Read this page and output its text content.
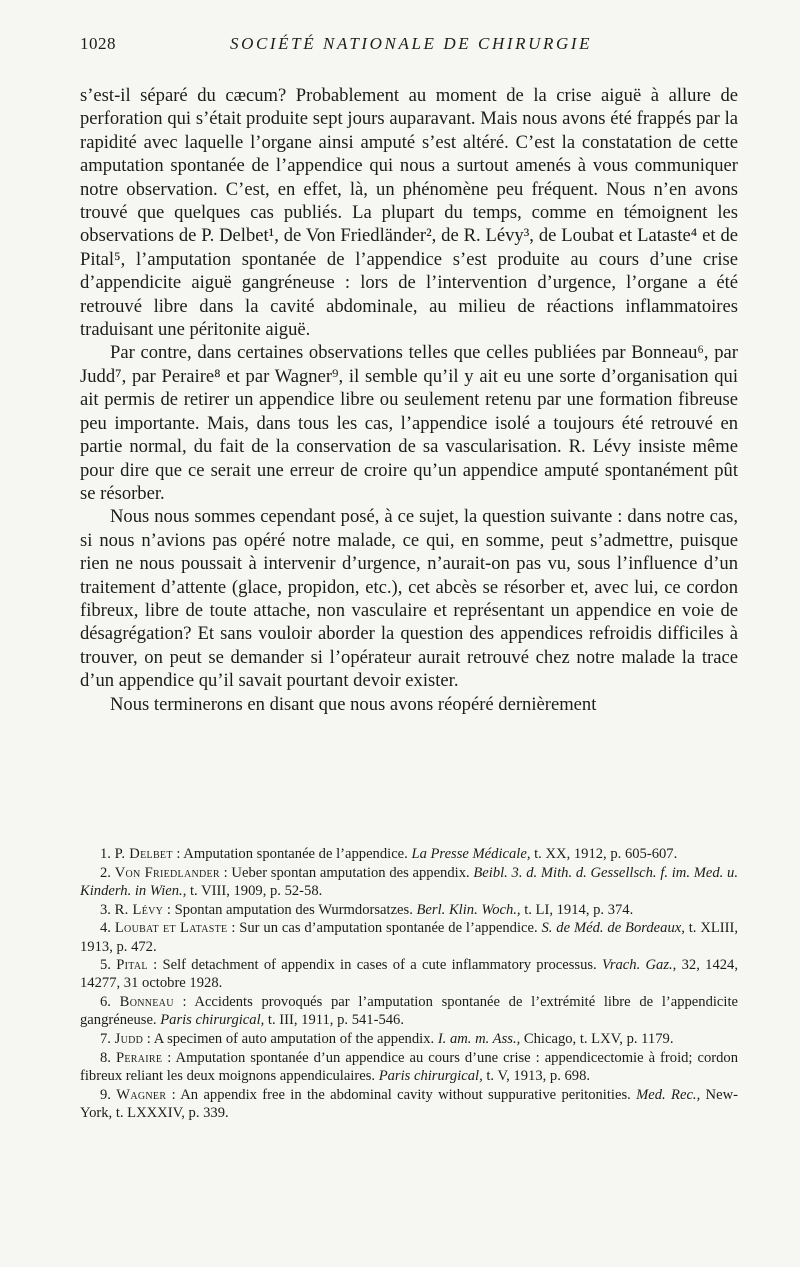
1028	SOCIÉTÉ NATIONALE DE CHIRURGIE

s’est-il séparé du cæcum? Probablement au moment de la crise aiguë à allure de perforation qui s’était produite sept jours auparavant. Mais nous avons été frappés par la rapidité avec laquelle l’organe ainsi amputé s’est altéré. C’est la constatation de cette amputation spontanée de l’appendice qui nous a surtout amenés à vous communiquer notre observation. C’est, en effet, là, un phénomène peu fréquent. Nous n’en avons trouvé que quelques cas publiés. La plupart du temps, comme en témoignent les observations de P. Delbet¹, de Von Friedländer², de R. Lévy³, de Loubat et Lataste⁴ et de Pital⁵, l’amputation spontanée de l’appendice s’est produite au cours d’une crise d’appendicite aiguë gangréneuse : lors de l’intervention d’urgence, l’organe a été retrouvé libre dans la cavité abdominale, au milieu de réactions inflammatoires traduisant une péritonite aiguë.

Par contre, dans certaines observations telles que celles publiées par Bonneau⁶, par Judd⁷, par Peraire⁸ et par Wagner⁹, il semble qu’il y ait eu une sorte d’organisation qui ait permis de retirer un appendice libre ou seulement retenu par une formation fibreuse peu importante. Mais, dans tous les cas, l’appendice isolé a toujours été retrouvé en partie normal, du fait de la conservation de sa vascularisation. R. Lévy insiste même pour dire que ce serait une erreur de croire qu’un appendice amputé spontanément pût se résorber.

Nous nous sommes cependant posé, à ce sujet, la question suivante : dans notre cas, si nous n’avions pas opéré notre malade, ce qui, en somme, peut s’admettre, puisque rien ne nous poussait à intervenir d’urgence, n’aurait-on pas vu, sous l’influence d’un traitement d’attente (glace, propidon, etc.), cet abcès se résorber et, avec lui, ce cordon fibreux, libre de toute attache, non vasculaire et représentant un appendice en voie de désagrégation? Et sans vouloir aborder la question des appendices refroidis difficiles à trouver, on peut se demander si l’opérateur aurait retrouvé chez notre malade la trace d’un appendice qu’il savait pourtant devoir exister.

Nous terminerons en disant que nous avons réopéré dernièrement

1. P. Delbet : Amputation spontanée de l’appendice. La Presse Médicale, t. XX, 1912, p. 605-607.

2. Von Friedlander : Ueber spontan amputation des appendix. Beibl. 3. d. Mith. d. Gessellsch. f. im. Med. u. Kinderh. in Wien., t. VIII, 1909, p. 52-58.

3. R. Lévy : Spontan amputation des Wurmdorsatzes. Berl. Klin. Woch., t. LI, 1914, p. 374.

4. Loubat et Lataste : Sur un cas d’amputation spontanée de l’appendice. S. de Méd. de Bordeaux, t. XLIII, 1913, p. 472.

5. Pital : Self detachment of appendix in cases of a cute inflammatory processus. Vrach. Gaz., 32, 1424, 14277, 31 octobre 1928.

6. Bonneau : Accidents provoqués par l’amputation spontanée de l’extrémité libre de l’appendicite gangréneuse. Paris chirurgical, t. III, 1911, p. 541-546.

7. Judd : A specimen of auto amputation of the appendix. I. am. m. Ass., Chicago, t. LXV, p. 1179.

8. Peraire : Amputation spontanée d’un appendice au cours d’une crise : appendicectomie à froid; cordon fibreux reliant les deux moignons appendiculaires. Paris chirurgical, t. V, 1913, p. 698.

9. Wagner : An appendix free in the abdominal cavity without suppurative peritonities. Med. Rec., New-York, t. LXXXIV, p. 339.
